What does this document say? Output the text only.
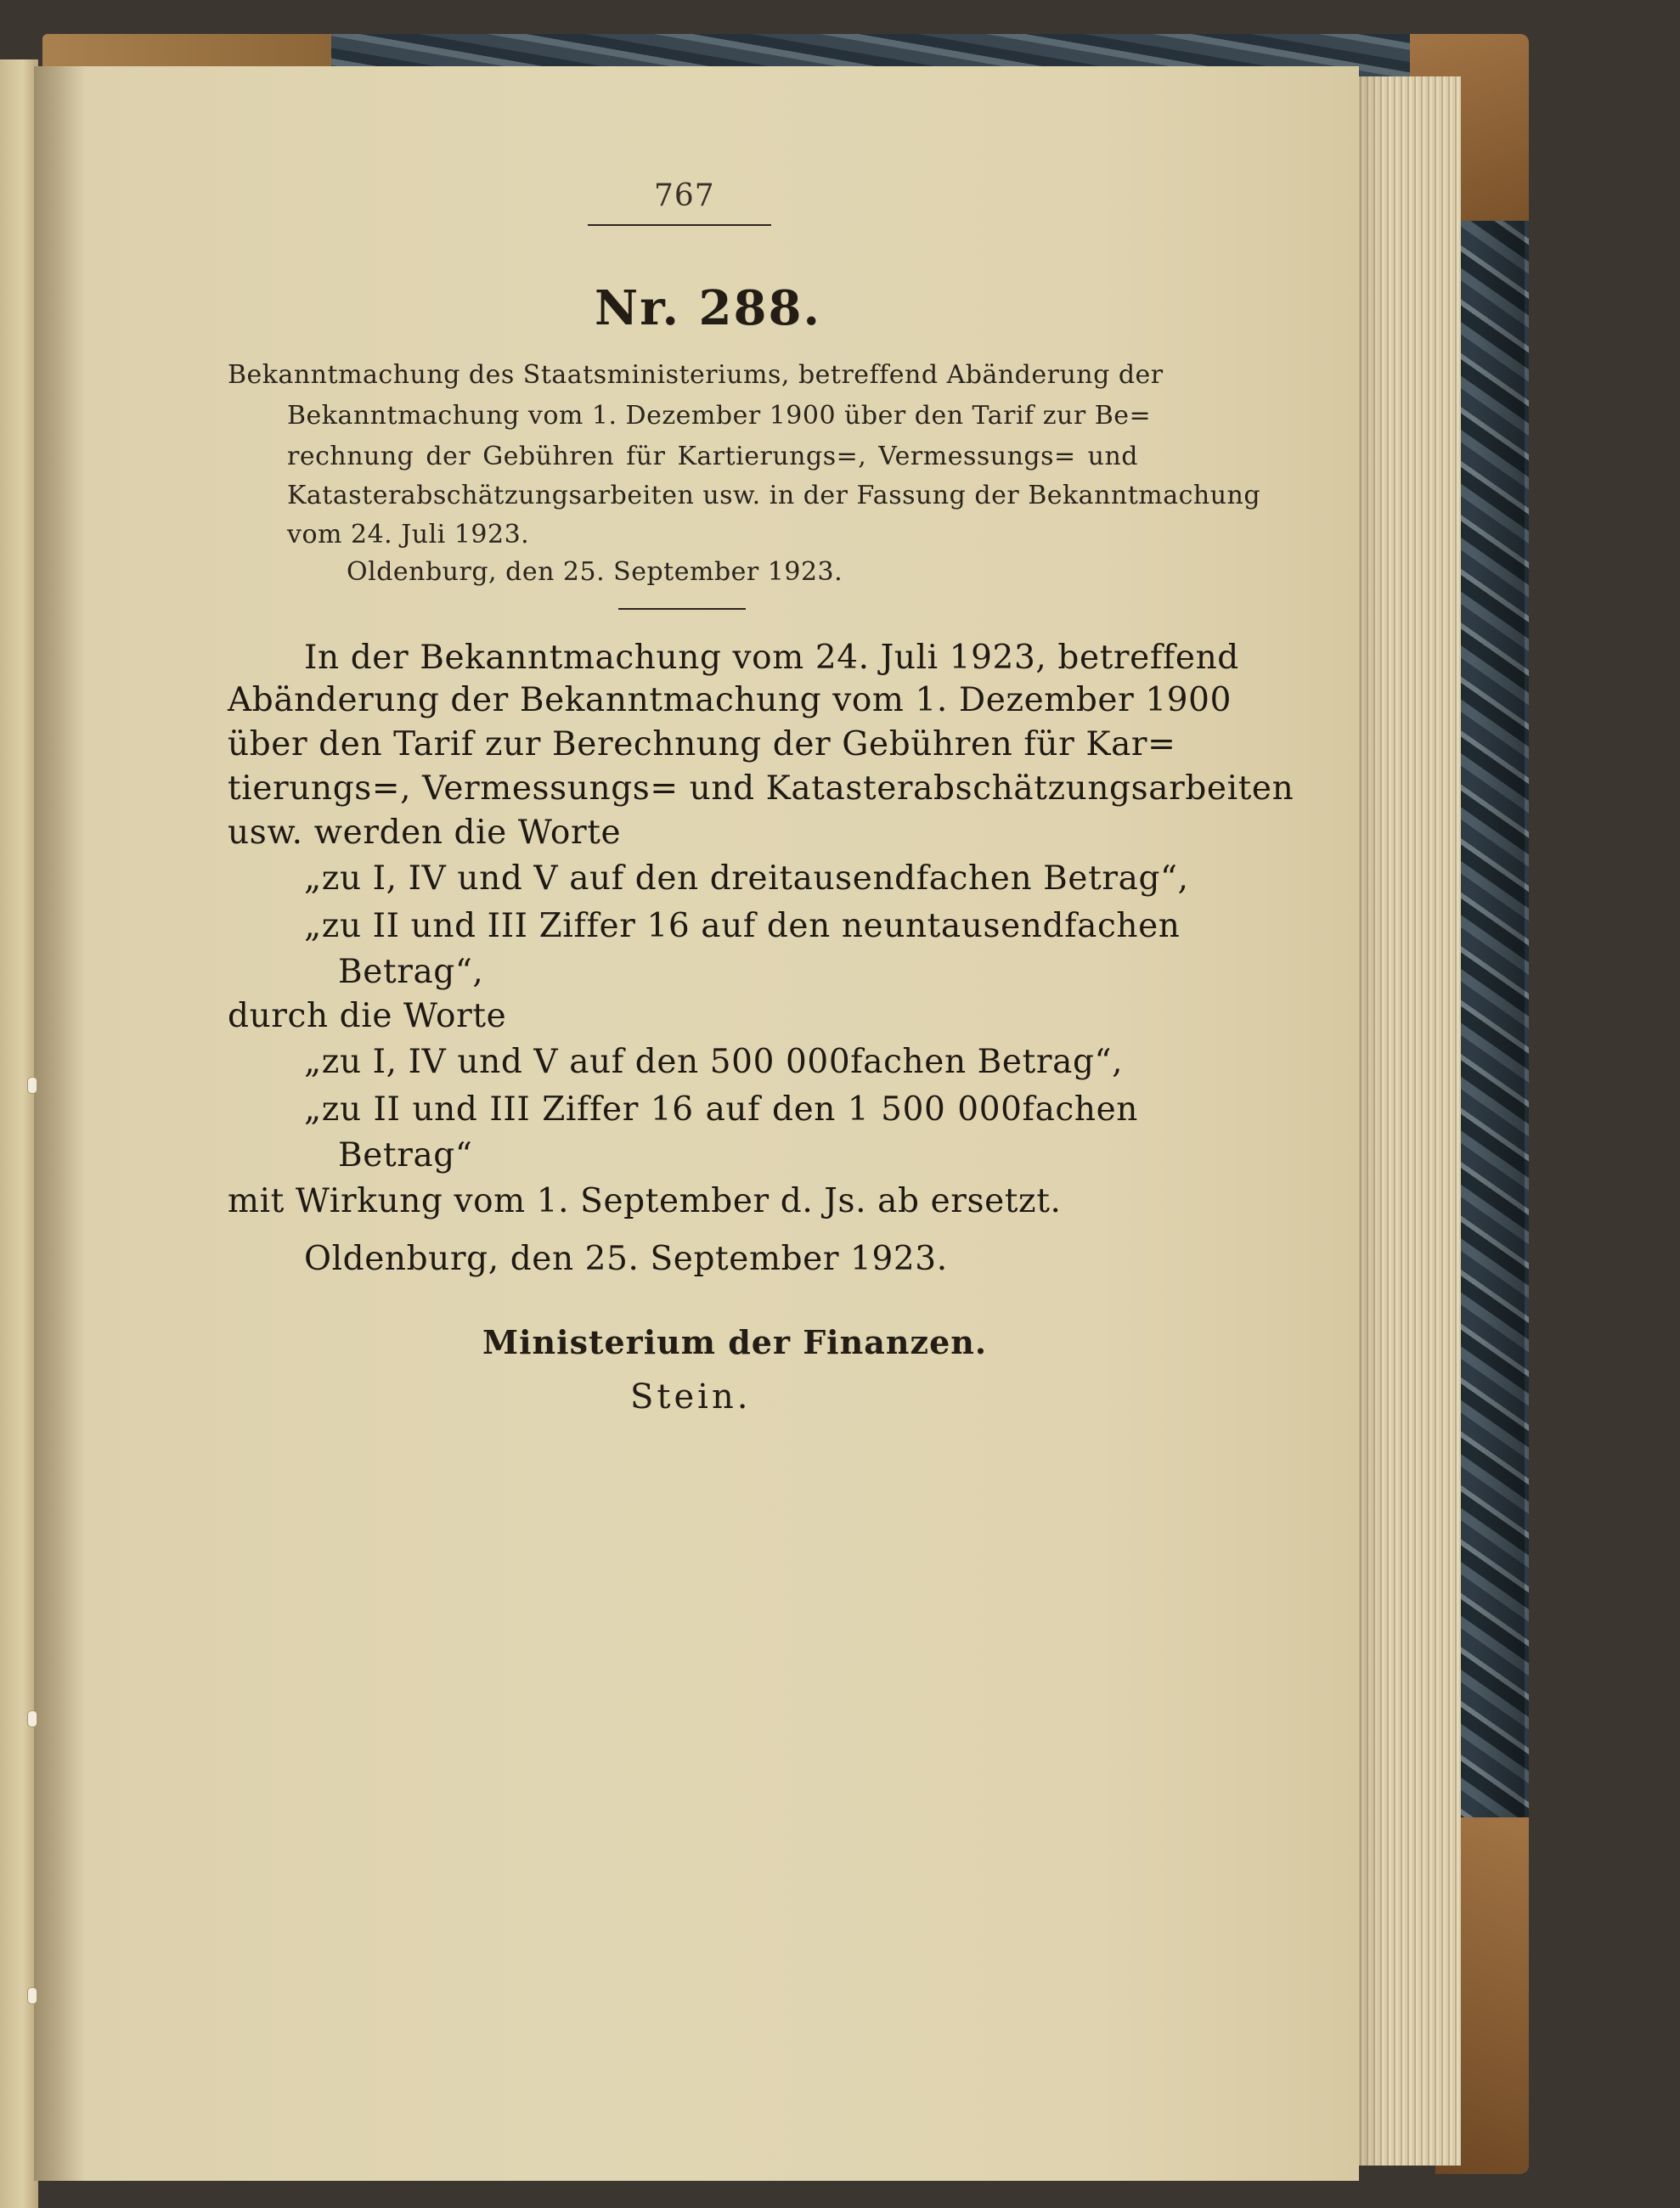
767
Nr. 288.
Bekanntmachung des Staatsministeriums, betreffend Abänderung der
Bekanntmachung vom 1. Dezember 1900 über den Tarif zur Be=
rechnung der Gebühren für Kartierungs=, Vermessungs= und
Katasterabschätzungsarbeiten usw. in der Fassung der Bekanntmachung
vom 24. Juli 1923.
Oldenburg, den 25. September 1923.
In der Bekanntmachung vom 24. Juli 1923, betreffend
Abänderung der Bekanntmachung vom 1. Dezember 1900
über den Tarif zur Berechnung der Gebühren für Kar=
tierungs=, Vermessungs= und Katasterabschätzungsarbeiten
usw. werden die Worte
„zu I, IV und V auf den dreitausendfachen Betrag“,
„zu II und III Ziffer 16 auf den neuntausendfachen
Betrag“,
durch die Worte
„zu I, IV und V auf den 500 000fachen Betrag“,
„zu II und III Ziffer 16 auf den 1 500 000fachen
Betrag“
mit Wirkung vom 1. September d. Js. ab ersetzt.
Oldenburg, den 25. September 1923.
Ministerium der Finanzen.
Stein.
